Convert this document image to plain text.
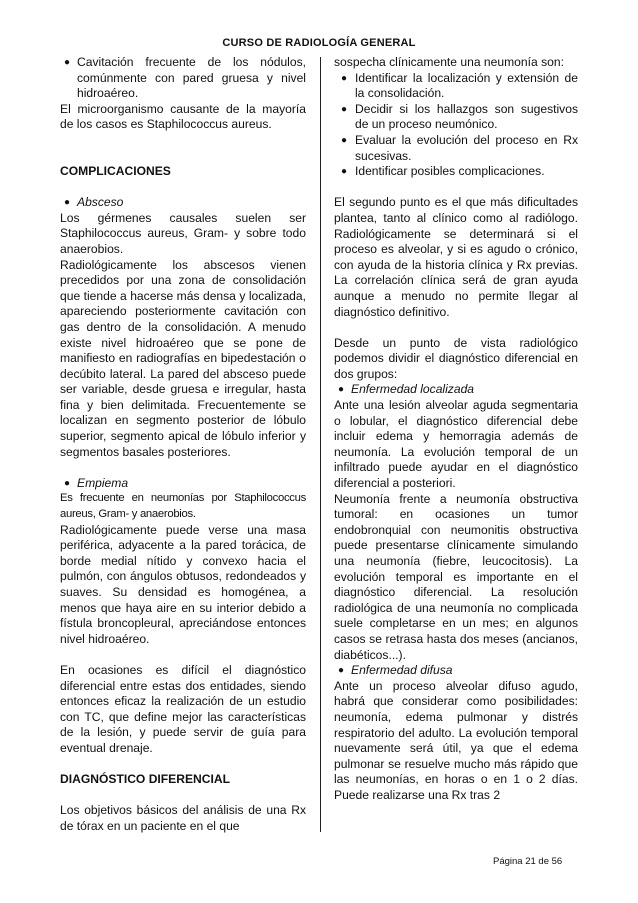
CURSO DE RADIOLOGÍA GENERAL
● Cavitación frecuente de los nódulos, comúnmente con pared gruesa y nivel hidroaéreo.

El microorganismo causante de la mayoría de los casos es Staphilococcus aureus.

COMPLICACIONES

● Absceso

Los gérmenes causales suelen ser Staphilococcus aureus, Gram- y sobre todo anaerobios.

Radiológicamente los abscesos vienen precedidos por una zona de consolidación que tiende a hacerse más densa y localizada, apareciendo posteriormente cavitación con gas dentro de la consolidación. A menudo existe nivel hidroaéreo que se pone de manifiesto en radiografías en bipedestación o decúbito lateral. La pared del absceso puede ser variable, desde gruesa e irregular, hasta fina y bien delimitada. Frecuentemente se localizan en segmento posterior de lóbulo superior, segmento apical de lóbulo inferior y segmentos basales posteriores.

● Empiema

Es frecuente en neumonías por Staphilococcus aureus, Gram- y anaerobios.

Radiológicamente puede verse una masa periférica, adyacente a la pared torácica, de borde medial nítido y convexo hacia el pulmón, con ángulos obtusos, redondeados y suaves. Su densidad es homogénea, a menos que haya aire en su interior debido a fístula broncopleural, apreciándose entonces nivel hidroaéreo.

En ocasiones es difícil el diagnóstico diferencial entre estas dos entidades, siendo entonces eficaz la realización de un estudio con TC, que define mejor las características de la lesión, y puede servir de guía para eventual drenaje.

DIAGNÓSTICO DIFERENCIAL

Los objetivos básicos del análisis de una Rx de tórax en un paciente en el que

sospecha clínicamente una neumonía son:

● Identificar la localización y extensión de la consolidación.
● Decidir si los hallazgos son sugestivos de un proceso neumónico.
● Evaluar la evolución del proceso en Rx sucesivas.
● Identificar posibles complicaciones.

El segundo punto es el que más dificultades plantea, tanto al clínico como al radiólogo. Radiológicamente se determinará si el proceso es alveolar, y si es agudo o crónico, con ayuda de la historia clínica y Rx previas. La correlación clínica será de gran ayuda aunque a menudo no permite llegar al diagnóstico definitivo.

Desde un punto de vista radiológico podemos dividir el diagnóstico diferencial en dos grupos:

● Enfermedad localizada

Ante una lesión alveolar aguda segmentaria o lobular, el diagnóstico diferencial debe incluir edema y hemorragia además de neumonía. La evolución temporal de un infiltrado puede ayudar en el diagnóstico diferencial a posteriori.

Neumonía frente a neumonía obstructiva tumoral: en ocasiones un tumor endobronquial con neumonitis obstructiva puede presentarse clínicamente simulando una neumonía (fiebre, leucocitosis). La evolución temporal es importante en el diagnóstico diferencial. La resolución radiológica de una neumonía no complicada suele completarse en un mes; en algunos casos se retrasa hasta dos meses (ancianos, diabéticos...).

● Enfermedad difusa

Ante un proceso alveolar difuso agudo, habrá que considerar como posibilidades: neumonía, edema pulmonar y distrés respiratorio del adulto. La evolución temporal nuevamente será útil, ya que el edema pulmonar se resuelve mucho más rápido que las neumonías, en horas o en 1 o 2 días. Puede realizarse una Rx tras 2

Página 21 de 56
